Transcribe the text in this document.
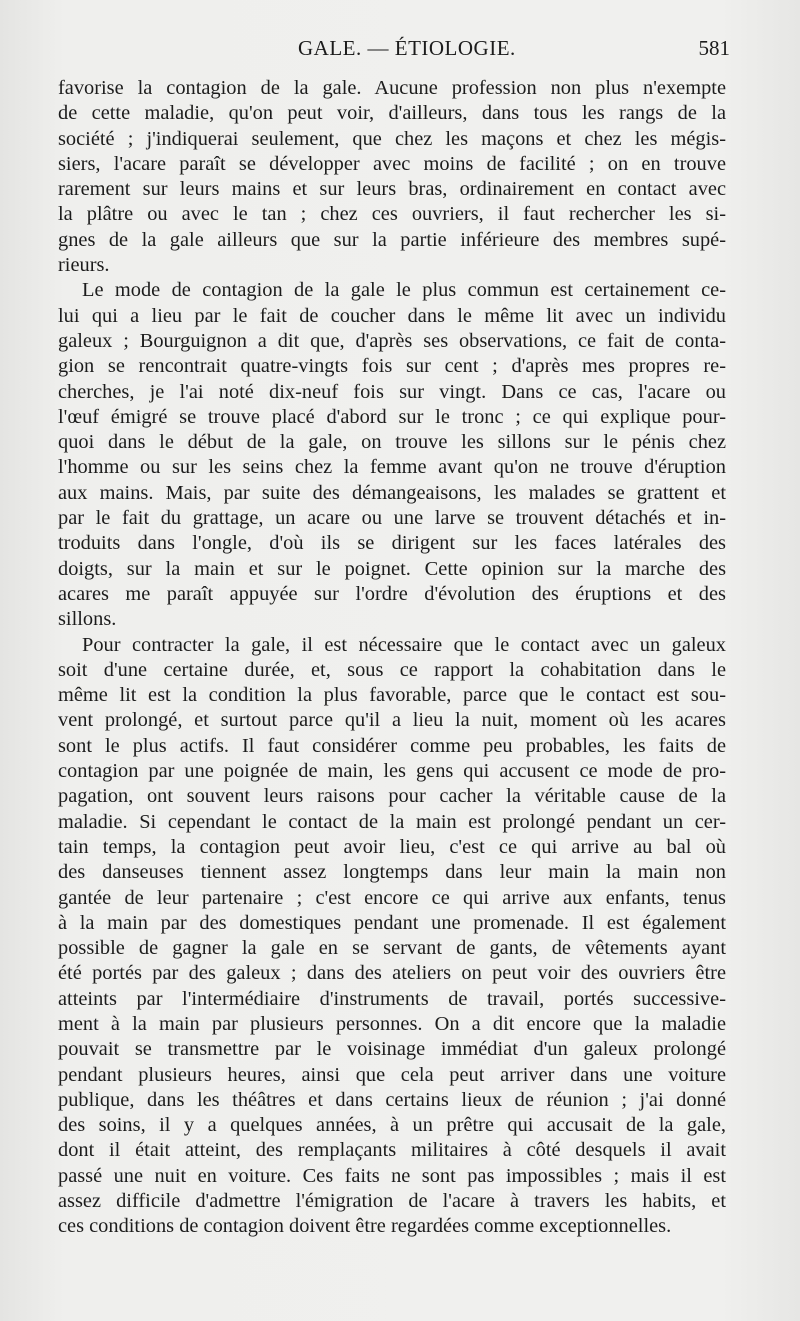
GALE. — ÉTIOLOGIE.	581
favorise la contagion de la gale. Aucune profession non plus n'exempte
de cette maladie, qu'on peut voir, d'ailleurs, dans tous les rangs de la
société ; j'indiquerai seulement, que chez les maçons et chez les mégis-
siers, l'acare paraît se développer avec moins de facilité ; on en trouve
rarement sur leurs mains et sur leurs bras, ordinairement en contact avec
la plâtre ou avec le tan ; chez ces ouvriers, il faut rechercher les si-
gnes de la gale ailleurs que sur la partie inférieure des membres supé-
rieurs.
Le mode de contagion de la gale le plus commun est certainement ce-
lui qui a lieu par le fait de coucher dans le même lit avec un individu
galeux ; Bourguignon a dit que, d'après ses observations, ce fait de conta-
gion se rencontrait quatre-vingts fois sur cent ; d'après mes propres re-
cherches, je l'ai noté dix-neuf fois sur vingt. Dans ce cas, l'acare ou
l'œuf émigré se trouve placé d'abord sur le tronc ; ce qui explique pour-
quoi dans le début de la gale, on trouve les sillons sur le pénis chez
l'homme ou sur les seins chez la femme avant qu'on ne trouve d'éruption
aux mains. Mais, par suite des démangeaisons, les malades se grattent et
par le fait du grattage, un acare ou une larve se trouvent détachés et in-
troduits dans l'ongle, d'où ils se dirigent sur les faces latérales des
doigts, sur la main et sur le poignet. Cette opinion sur la marche des
acares me paraît appuyée sur l'ordre d'évolution des éruptions et des
sillons.
Pour contracter la gale, il est nécessaire que le contact avec un galeux
soit d'une certaine durée, et, sous ce rapport la cohabitation dans le
même lit est la condition la plus favorable, parce que le contact est sou-
vent prolongé, et surtout parce qu'il a lieu la nuit, moment où les acares
sont le plus actifs. Il faut considérer comme peu probables, les faits de
contagion par une poignée de main, les gens qui accusent ce mode de pro-
pagation, ont souvent leurs raisons pour cacher la véritable cause de la
maladie. Si cependant le contact de la main est prolongé pendant un cer-
tain temps, la contagion peut avoir lieu, c'est ce qui arrive au bal où
des danseuses tiennent assez longtemps dans leur main la main non
gantée de leur partenaire ; c'est encore ce qui arrive aux enfants, tenus
à la main par des domestiques pendant une promenade. Il est également
possible de gagner la gale en se servant de gants, de vêtements ayant
été portés par des galeux ; dans des ateliers on peut voir des ouvriers être
atteints par l'intermédiaire d'instruments de travail, portés successive-
ment à la main par plusieurs personnes. On a dit encore que la maladie
pouvait se transmettre par le voisinage immédiat d'un galeux prolongé
pendant plusieurs heures, ainsi que cela peut arriver dans une voiture
publique, dans les théâtres et dans certains lieux de réunion ; j'ai donné
des soins, il y a quelques années, à un prêtre qui accusait de la gale,
dont il était atteint, des remplaçants militaires à côté desquels il avait
passé une nuit en voiture. Ces faits ne sont pas impossibles ; mais il est
assez difficile d'admettre l'émigration de l'acare à travers les habits, et
ces conditions de contagion doivent être regardées comme exceptionnelles.
